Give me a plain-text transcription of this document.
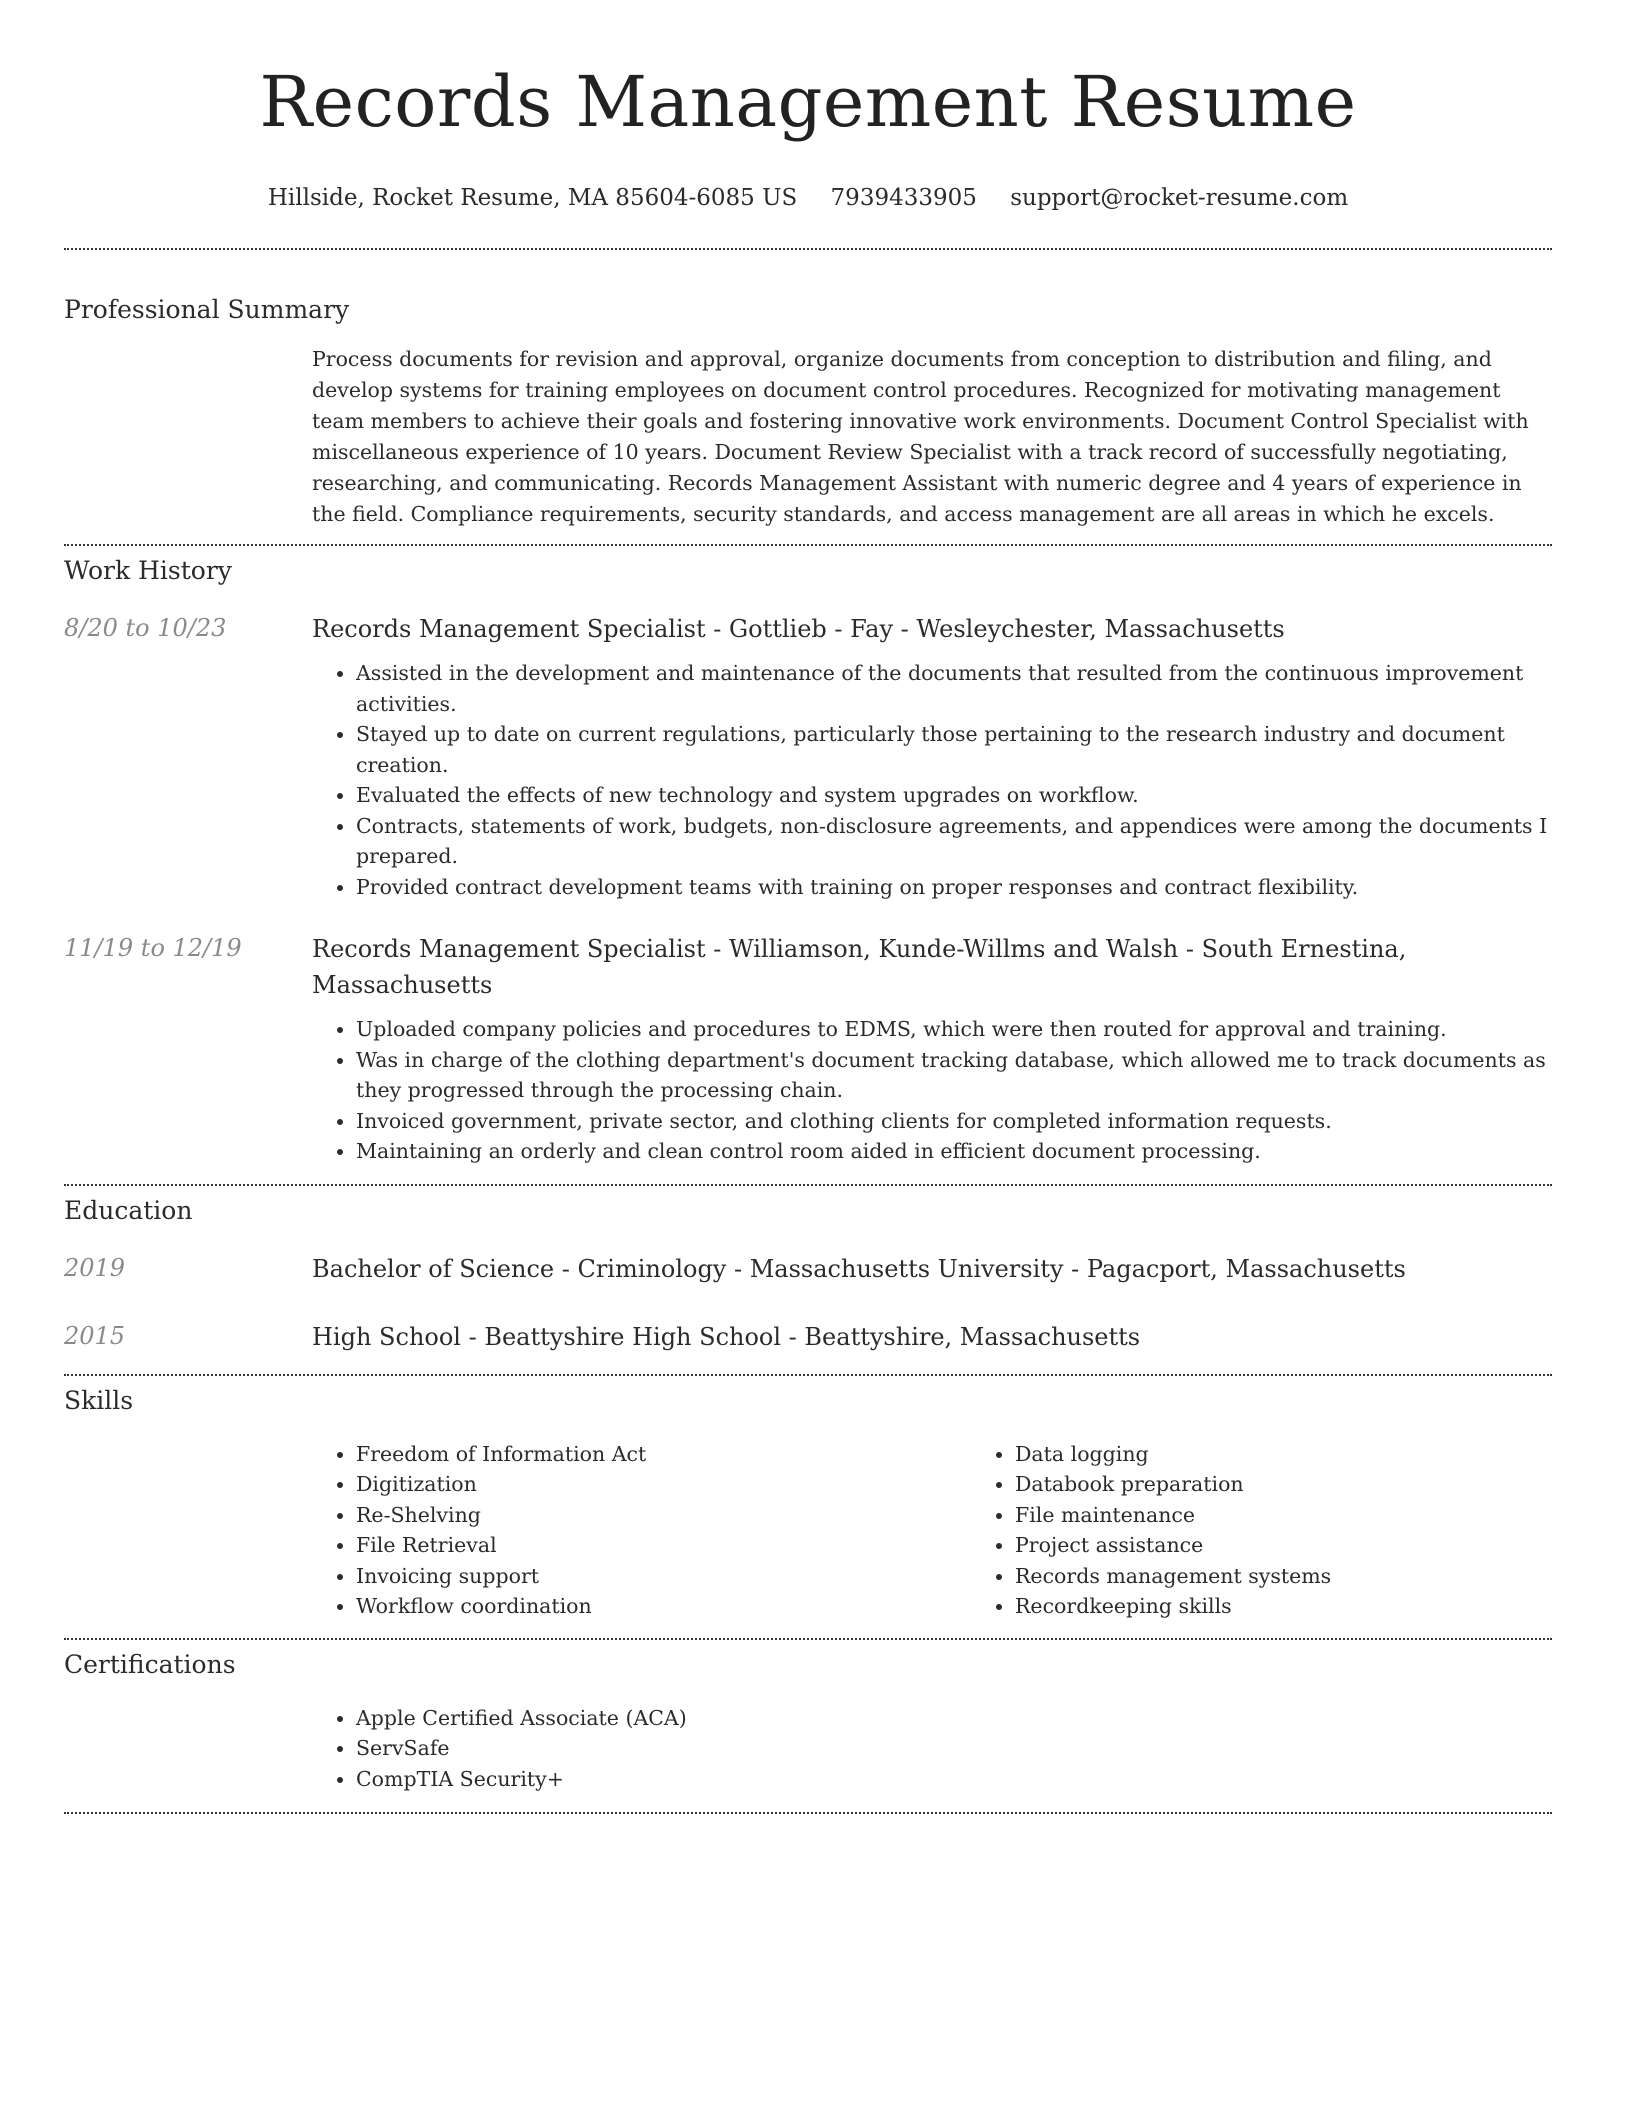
Records Management Resume
Hillside, Rocket Resume, MA 85604-6085 US 7939433905 support@rocket-resume.com
Professional Summary

Process documents for revision and approval, organize documents from conception to distribution and filing, and develop systems for training employees on document control procedures. Recognized for motivating management team members to achieve their goals and fostering innovative work environments. Document Control Specialist with miscellaneous experience of 10 years. Document Review Specialist with a track record of successfully negotiating, researching, and communicating. Records Management Assistant with numeric degree and 4 years of experience in the field. Compliance requirements, security standards, and access management are all areas in which he excels.

Work History
8/20 to 10/23	Records Management Specialist - Gottlieb - Fay - Wesleychester, Massachusetts
• Assisted in the development and maintenance of the documents that resulted from the continuous improvement activities.
• Stayed up to date on current regulations, particularly those pertaining to the research industry and document creation.
• Evaluated the effects of new technology and system upgrades on workflow.
• Contracts, statements of work, budgets, non-disclosure agreements, and appendices were among the documents I prepared.
• Provided contract development teams with training on proper responses and contract flexibility.
11/19 to 12/19	Records Management Specialist - Williamson, Kunde-Willms and Walsh - South Ernestina, Massachusetts
• Uploaded company policies and procedures to EDMS, which were then routed for approval and training.
• Was in charge of the clothing department's document tracking database, which allowed me to track documents as they progressed through the processing chain.
• Invoiced government, private sector, and clothing clients for completed information requests.
• Maintaining an orderly and clean control room aided in efficient document processing.
Education
2019	Bachelor of Science - Criminology - Massachusetts University - Pagacport, Massachusetts
2015	High School - Beattyshire High School - Beattyshire, Massachusetts
Skills
• Freedom of Information Act
• Digitization
• Re-Shelving
• File Retrieval
• Invoicing support
• Workflow coordination
• Data logging
• Databook preparation
• File maintenance
• Project assistance
• Records management systems
• Recordkeeping skills
Certifications
• Apple Certified Associate (ACA)
• ServSafe
• CompTIA Security+
